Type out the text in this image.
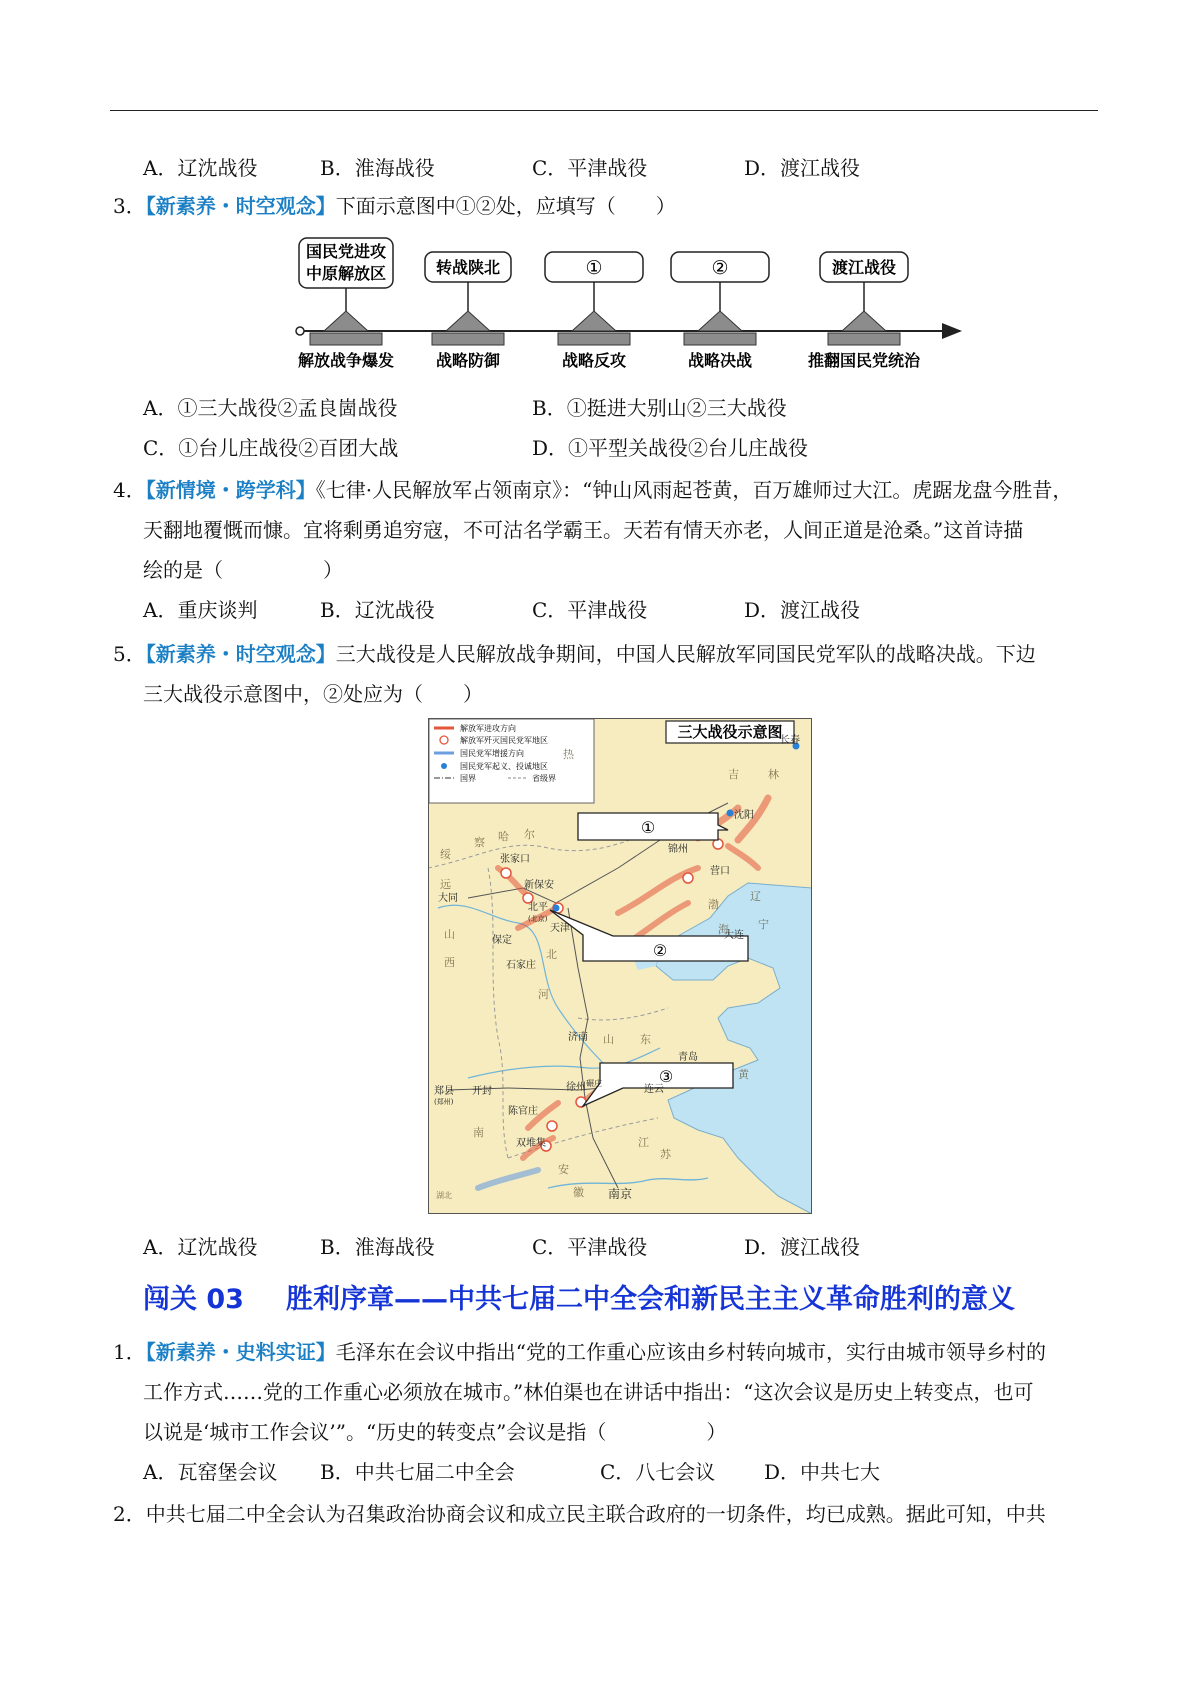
A．辽沈战役	B．淮海战役	C．平津战役	D．渡江战役
3．【新素养・时空观念】下面示意图中①②处，应填写（　　）
国民党进攻
中原解放区
解放战争爆发
转战陕北
战略防御
①
战略反攻
②
战略决战
渡江战役
推翻国民党统治
A．①三大战役②孟良崮战役	B．①挺进大别山②三大战役
C．①台儿庄战役②百团大战	D．①平型关战役②台儿庄战役
4．【新情境・跨学科】《七律·人民解放军占领南京》：“钟山风雨起苍黄，百万雄师过大江。虎踞龙盘今胜昔，
天翻地覆慨而慷。宜将剩勇追穷寇，不可沽名学霸王。天若有情天亦老，人间正道是沧桑。”这首诗描
绘的是（　　　　　）
A．重庆谈判	B．辽沈战役	C．平津战役	D．渡江战役
5．【新素养・时空观念】三大战役是人民解放战争期间，中国人民解放军同国民党军队的战略决战。下边
三大战役示意图中，②处应为（　　）
解放军进攻方向
解放军歼灭国民党军地区
国民党军增援方向
国民党军起义、投诚地区
国界	省级界
三大战役示意图
①
②
③
长春
沈阳
锦州
营口
大连
张家口
新保安
大同
北平
(北京)
天津
保定
石家庄
济南
青岛
郑县
(郑州)
开封	徐州
陈官庄
双堆集
连云
南京
碾庄
热
察 哈 尔
绥
远
山
西
河
北
辽
宁
渤
海
黄
山 东
南
江
苏
安
徽
吉	林
湖北
A．辽沈战役	B．淮海战役	C．平津战役	D．渡江战役
闯关 03 胜利序章——中共七届二中全会和新民主主义革命胜利的意义
1．【新素养・史料实证】毛泽东在会议中指出“党的工作重心应该由乡村转向城市，实行由城市领导乡村的
工作方式……党的工作重心必须放在城市。”林伯渠也在讲话中指出：“这次会议是历史上转变点，也可
以说是‘城市工作会议’”。“历史的转变点”会议是指（　　　　　）
A．瓦窑堡会议 B．中共七届二中全会	C．八七会议 D．中共七大
2．中共七届二中全会认为召集政治协商会议和成立民主联合政府的一切条件，均已成熟。据此可知，中共
